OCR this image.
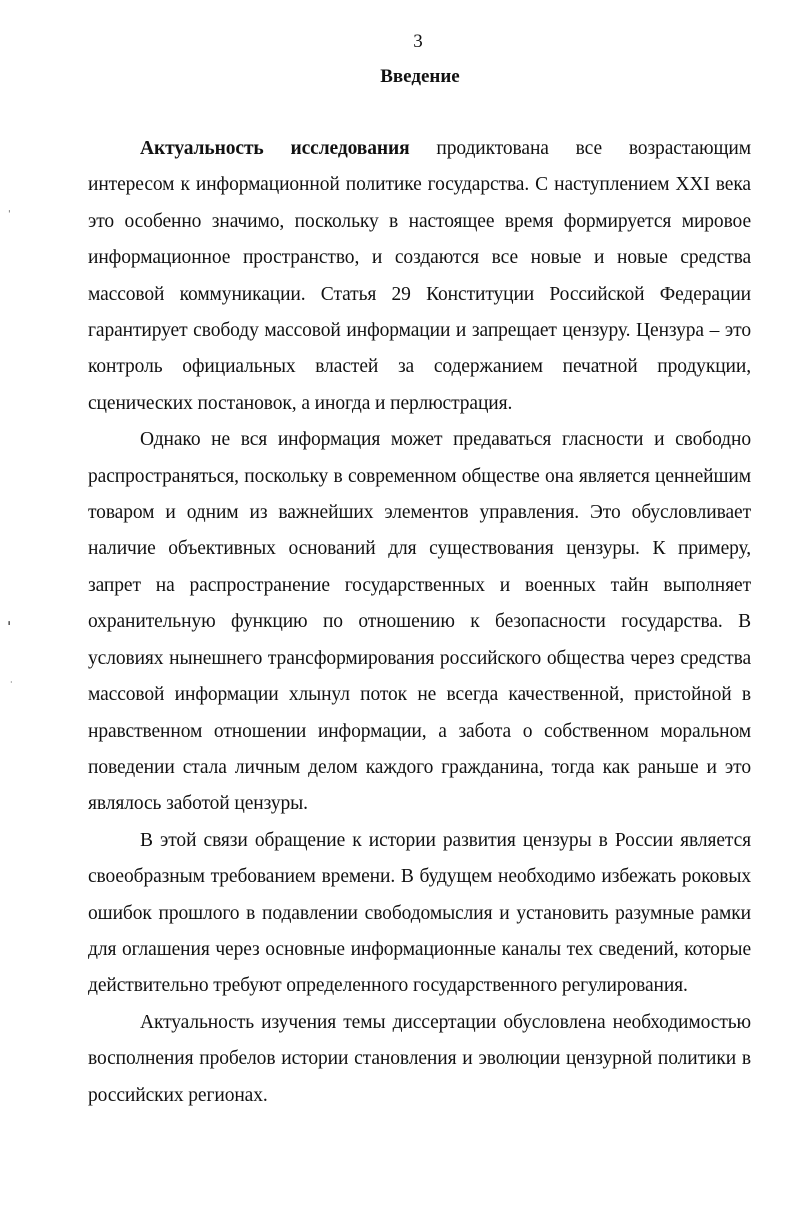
3
Введение

Актуальность исследования продиктована все возрастающим интересом к информационной политике государства. С наступлением XXI века это особенно значимо, поскольку в настоящее время формируется мировое информационное пространство, и создаются все новые и новые средства массовой коммуникации. Статья 29 Конституции Российской Федерации гарантирует свободу массовой информации и запрещает цензуру. Цензура – это контроль официальных властей за содержанием печатной продукции, сценических постановок, а иногда и перлюстрация.

Однако не вся информация может предаваться гласности и свободно распространяться, поскольку в современном обществе она является ценнейшим товаром и одним из важнейших элементов управления. Это обусловливает наличие объективных оснований для существования цензуры. К примеру, запрет на распространение государственных и военных тайн выполняет охранительную функцию по отношению к безопасности государства. В условиях нынешнего трансформирования российского общества через средства массовой информации хлынул поток не всегда качественной, пристойной в нравственном отношении информации, а забота о собственном моральном поведении стала личным делом каждого гражданина, тогда как раньше и это являлось заботой цензуры.

В этой связи обращение к истории развития цензуры в России является своеобразным требованием времени. В будущем необходимо избежать роковых ошибок прошлого в подавлении свободомыслия и установить разумные рамки для оглашения через основные информационные каналы тех сведений, которые действительно требуют определенного государственного регулирования.

Актуальность изучения темы диссертации обусловлена необходимостью восполнения пробелов истории становления и эволюции цензурной политики в российских регионах.

ˈ
ˈ
·
